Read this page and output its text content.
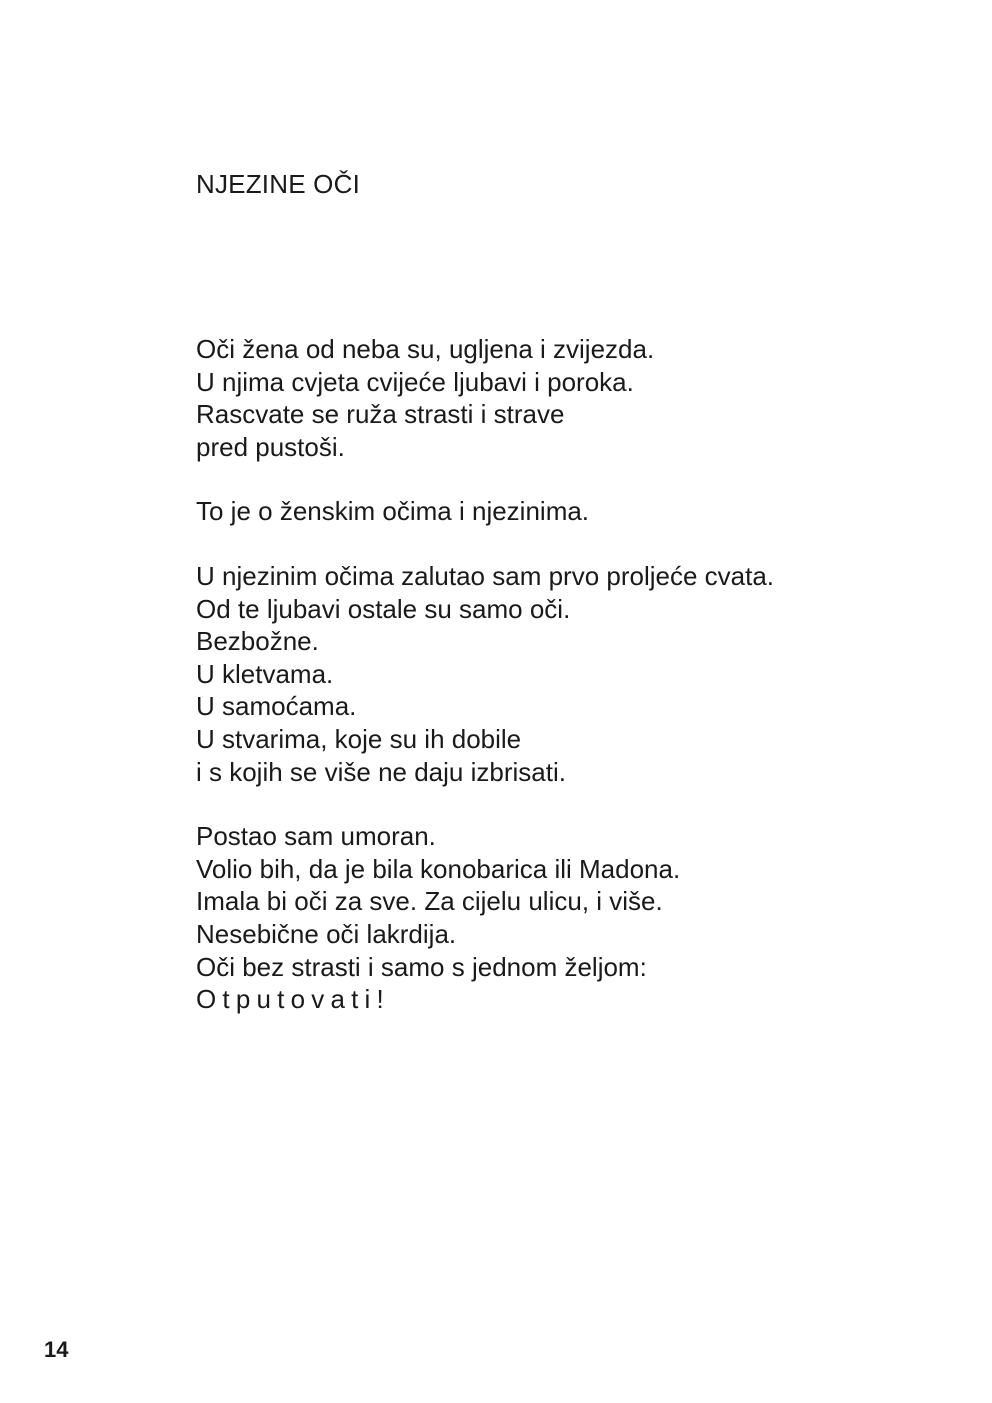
NJEZINE OČI

Oči žena od neba su, ugljena i zvijezda.
U njima cvjeta cvijeće ljubavi i poroka.
Rascvate se ruža strasti i strave
pred pustoši.

To je o ženskim očima i njezinima.

U njezinim očima zalutao sam prvo proljeće cvata.
Od te ljubavi ostale su samo oči.
Bezbožne.
U kletvama.
U samoćama.
U stvarima, koje su ih dobile
i s kojih se više ne daju izbrisati.

Postao sam umoran.
Volio bih, da je bila konobarica ili Madona.
Imala bi oči za sve. Za cijelu ulicu, i više.
Nesebične oči lakrdija.
Oči bez strasti i samo s jednom željom:
Otputovati!

14
